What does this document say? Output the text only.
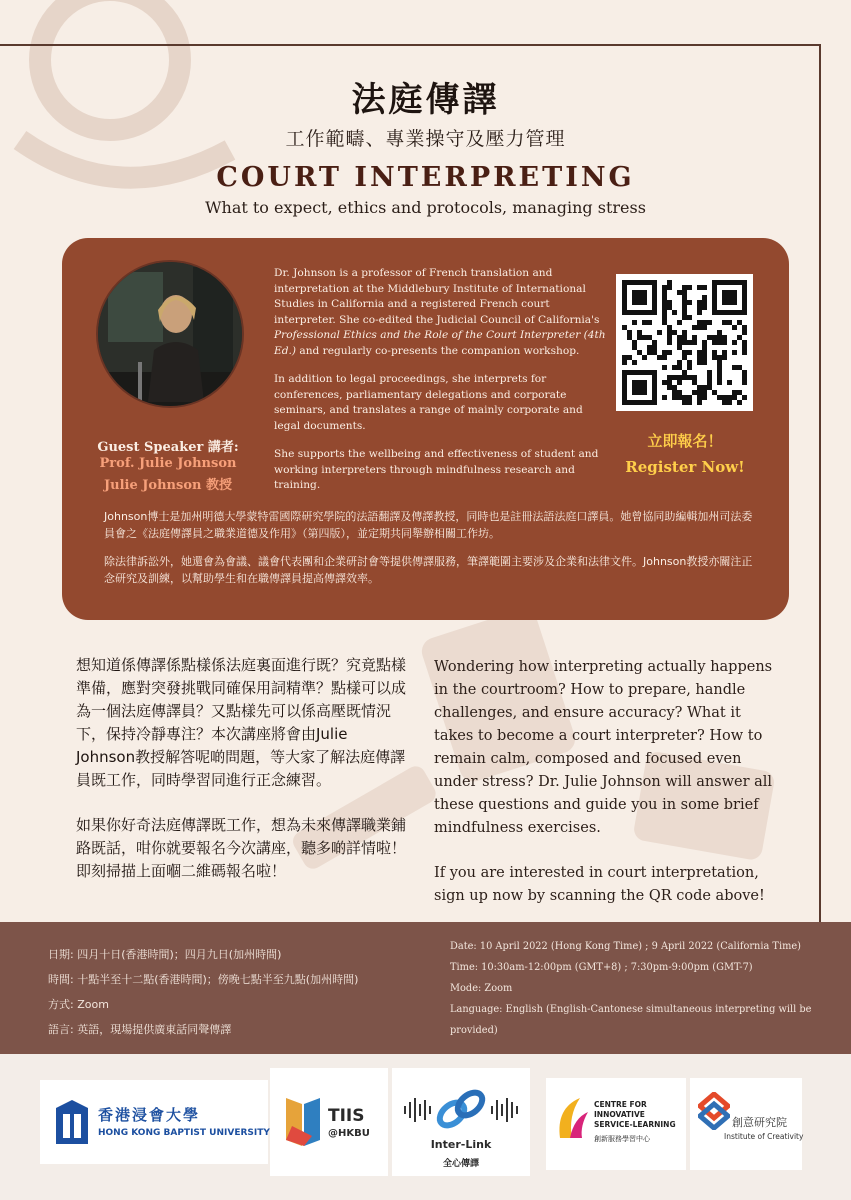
法庭傳譯
工作範疇、專業操守及壓力管理
COURT INTERPRETING
What to expect, ethics and protocols, managing stress
Guest Speaker 講者:
Prof. Julie Johnson
Julie Johnson 教授

Dr. Johnson is a professor of French translation and interpretation at the Middlebury Institute of International Studies in California and a registered French court interpreter. She co-edited the Judicial Council of California's Professional Ethics and the Role of the Court Interpreter (4th Ed.) and regularly co-presents the companion workshop.

In addition to legal proceedings, she interprets for conferences, parliamentary delegations and corporate seminars, and translates a range of mainly corporate and legal documents.

She supports the wellbeing and effectiveness of student and working interpreters through mindfulness research and training.

立即報名！
Register Now!

Johnson博士是加州明德大學蒙特雷國際研究學院的法語翻譯及傳譯教授，同時也是註冊法語法庭口譯員。她曾協同助編輯加州司法委員會之《法庭傳譯員之職業道德及作用》（第四版），並定期共同舉辦相關工作坊。

除法律訴訟外，她還會為會議、議會代表團和企業研討會等提供傳譯服務，筆譯範圍主要涉及企業和法律文件。Johnson教授亦關注正念研究及訓練，以幫助學生和在職傳譯員提高傳譯效率。

想知道係傳譯係點樣係法庭裏面進行既？究竟點樣準備，應對突發挑戰同確保用詞精準？點樣可以成為一個法庭傳譯員？又點樣先可以係高壓既情況下，保持冷靜專注？本次講座將會由Julie Johnson教授解答呢啲問題，等大家了解法庭傳譯員既工作，同時學習同進行正念練習。

如果你好奇法庭傳譯既工作，想為未來傳譯職業鋪路既話，咁你就要報名今次講座，聽多啲詳情啦！即刻掃描上面嗰二維碼報名啦！

Wondering how interpreting actually happens in the courtroom? How to prepare, handle challenges, and ensure accuracy? What it takes to become a court interpreter? How to remain calm, composed and focused even under stress? Dr. Julie Johnson will answer all these questions and guide you in some brief mindfulness exercises.

If you are interested in court interpretation, sign up now by scanning the QR code above!

日期: 四月十日(香港時間)；四月九日(加州時間)
時間: 十點半至十二點(香港時間)；傍晚七點半至九點(加州時間)
方式: Zoom
語言: 英語，現場提供廣東話同聲傳譯
Date: 10 April 2022 (Hong Kong Time) ; 9 April 2022 (California Time)
Time: 10:30am-12:00pm (GMT+8) ; 7:30pm-9:00pm (GMT-7)
Mode: Zoom
Language: English (English-Cantonese simultaneous interpreting will be provided)
香港浸會大學
HONG KONG BAPTIST UNIVERSITY
TIIS
@HKBU
Inter-Link
全心傳譯
CENTRE FOR
INNOVATIVE
SERVICE-LEARNING
創新服務學習中心
創意研究院
Institute of Creativity
